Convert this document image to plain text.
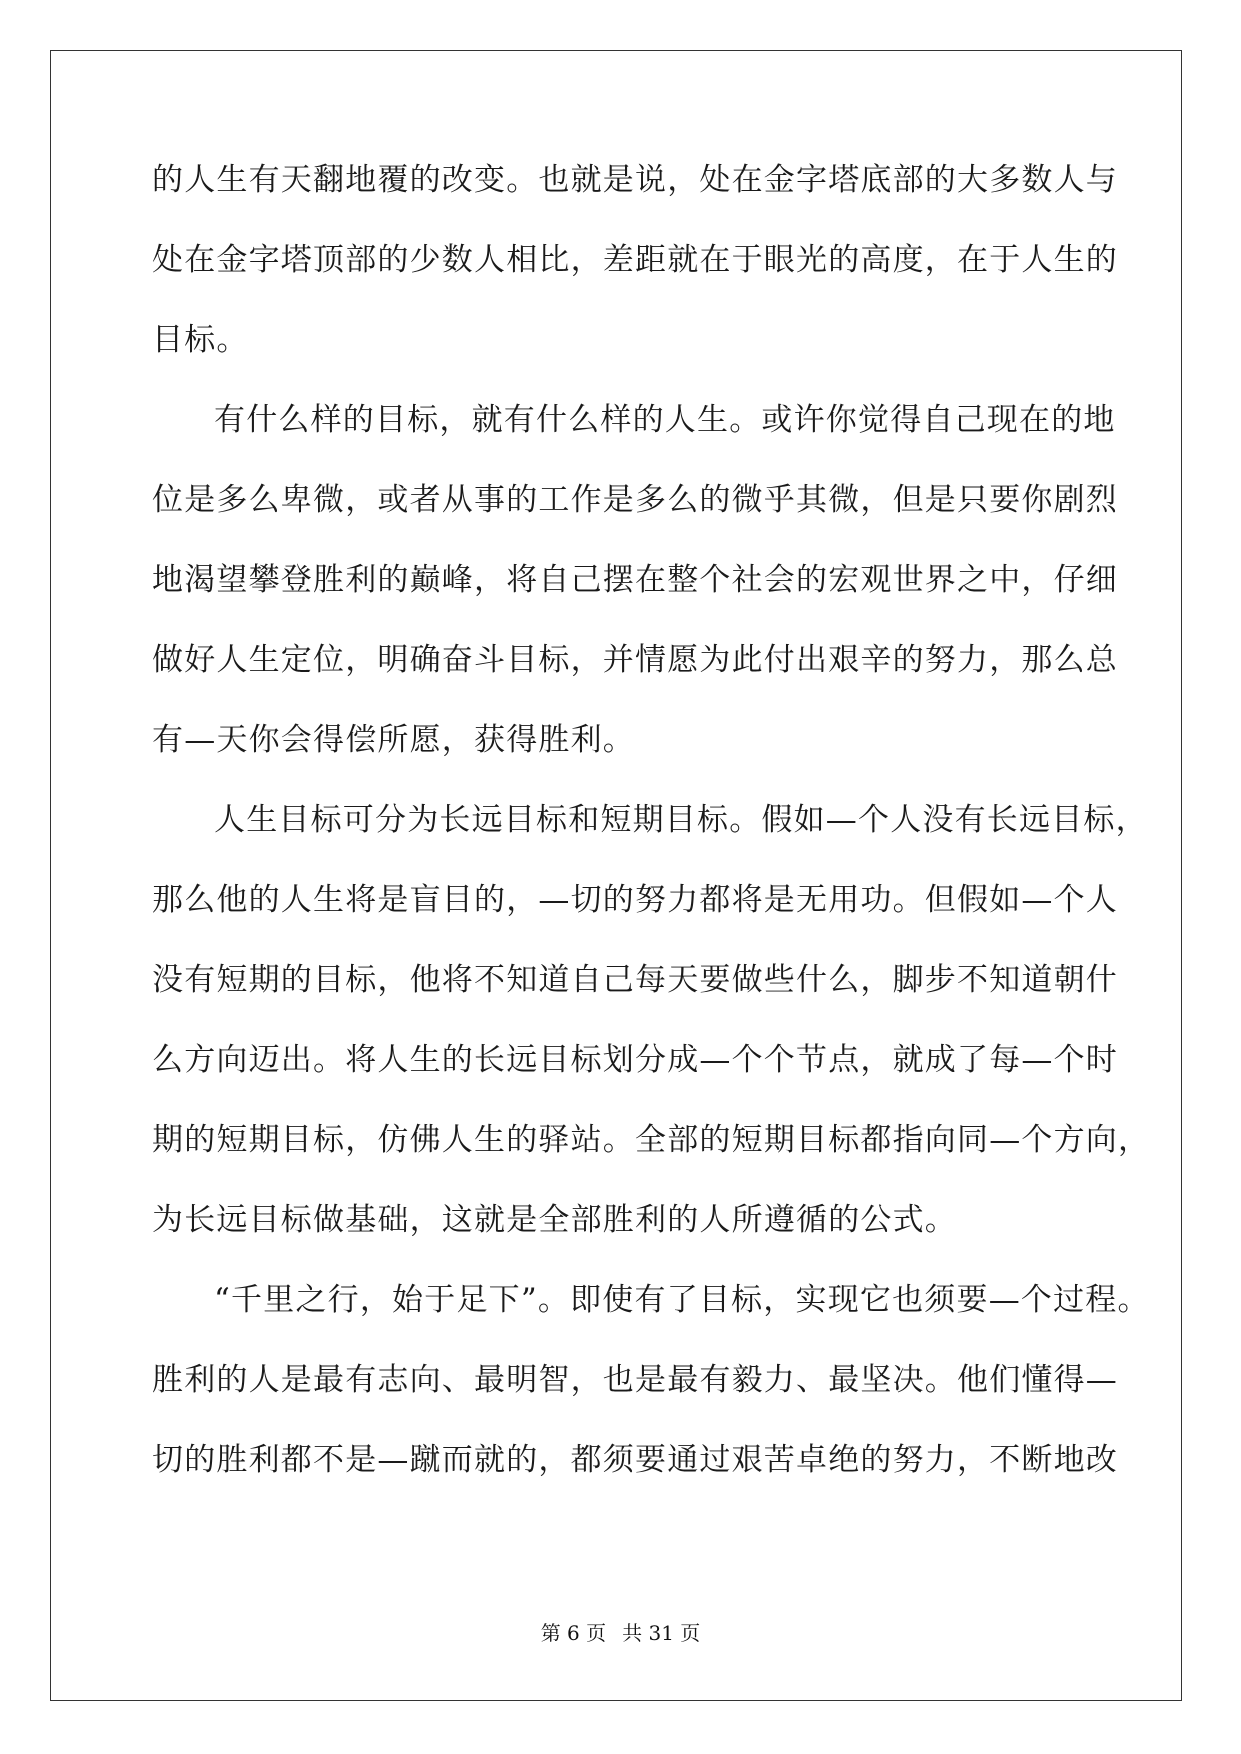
的人生有天翻地覆的改变。也就是说，处在金字塔底部的大多数人与
处在金字塔顶部的少数人相比，差距就在于眼光的高度，在于人生的
目标。
有什么样的目标，就有什么样的人生。或许你觉得自己现在的地
位是多么卑微，或者从事的工作是多么的微乎其微，但是只要你剧烈
地渴望攀登胜利的巅峰，将自己摆在整个社会的宏观世界之中，仔细
做好人生定位，明确奋斗目标，并情愿为此付出艰辛的努力，那么总
有—天你会得偿所愿，获得胜利。
人生目标可分为长远目标和短期目标。假如—个人没有长远目标，
那么他的人生将是盲目的，—切的努力都将是无用功。但假如—个人
没有短期的目标，他将不知道自己每天要做些什么，脚步不知道朝什
么方向迈出。将人生的长远目标划分成—个个节点，就成了每—个时
期的短期目标，仿佛人生的驿站。全部的短期目标都指向同—个方向，
为长远目标做基础，这就是全部胜利的人所遵循的公式。
“千里之行，始于足下”。即使有了目标，实现它也须要—个过程。
胜利的人是最有志向、最明智，也是最有毅力、最坚决。他们懂得—
切的胜利都不是—蹴而就的，都须要通过艰苦卓绝的努力，不断地改
第 6 页 共 31 页
